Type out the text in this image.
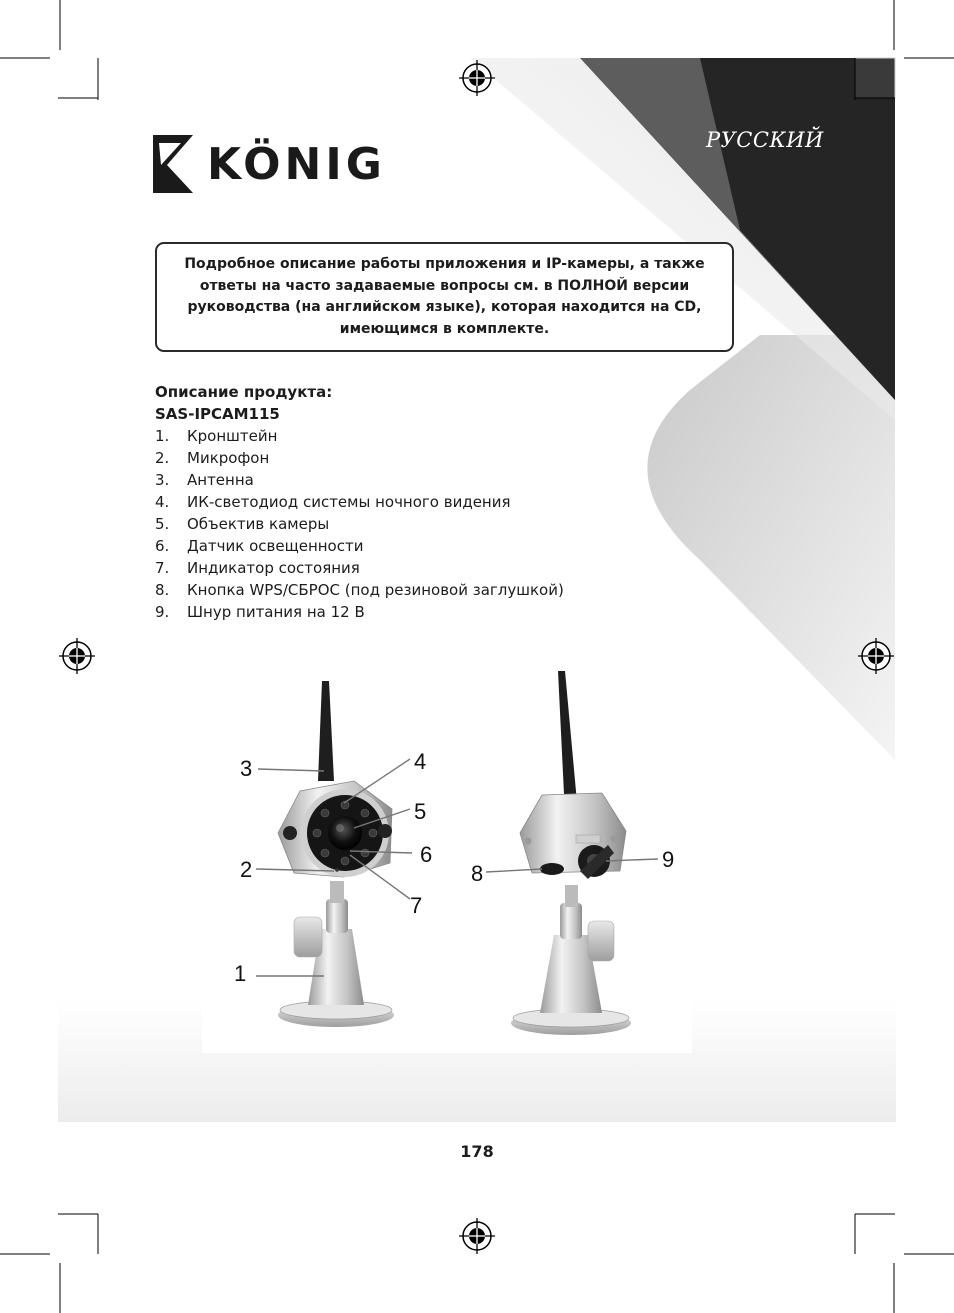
РУССКИЙ
KÖNIG

Подробное описание работы приложения и IP-камеры, а также ответы на часто задаваемые вопросы см. в ПОЛНОЙ версии руководства (на английском языке), которая находится на CD, имеющимся в комплекте.

Описание продукта:

SAS-IPCAM115

1. Кронштейн
2. Микрофон
3. Антенна
4. ИК-светодиод системы ночного видения
5. Объектив камеры
6. Датчик освещенности
7. Индикатор состояния
8. Кнопка WPS/СБРОС (под резиновой заглушкой)
9. Шнур питания на 12 В
1
2
3	4
5
6
7
8
9
178
